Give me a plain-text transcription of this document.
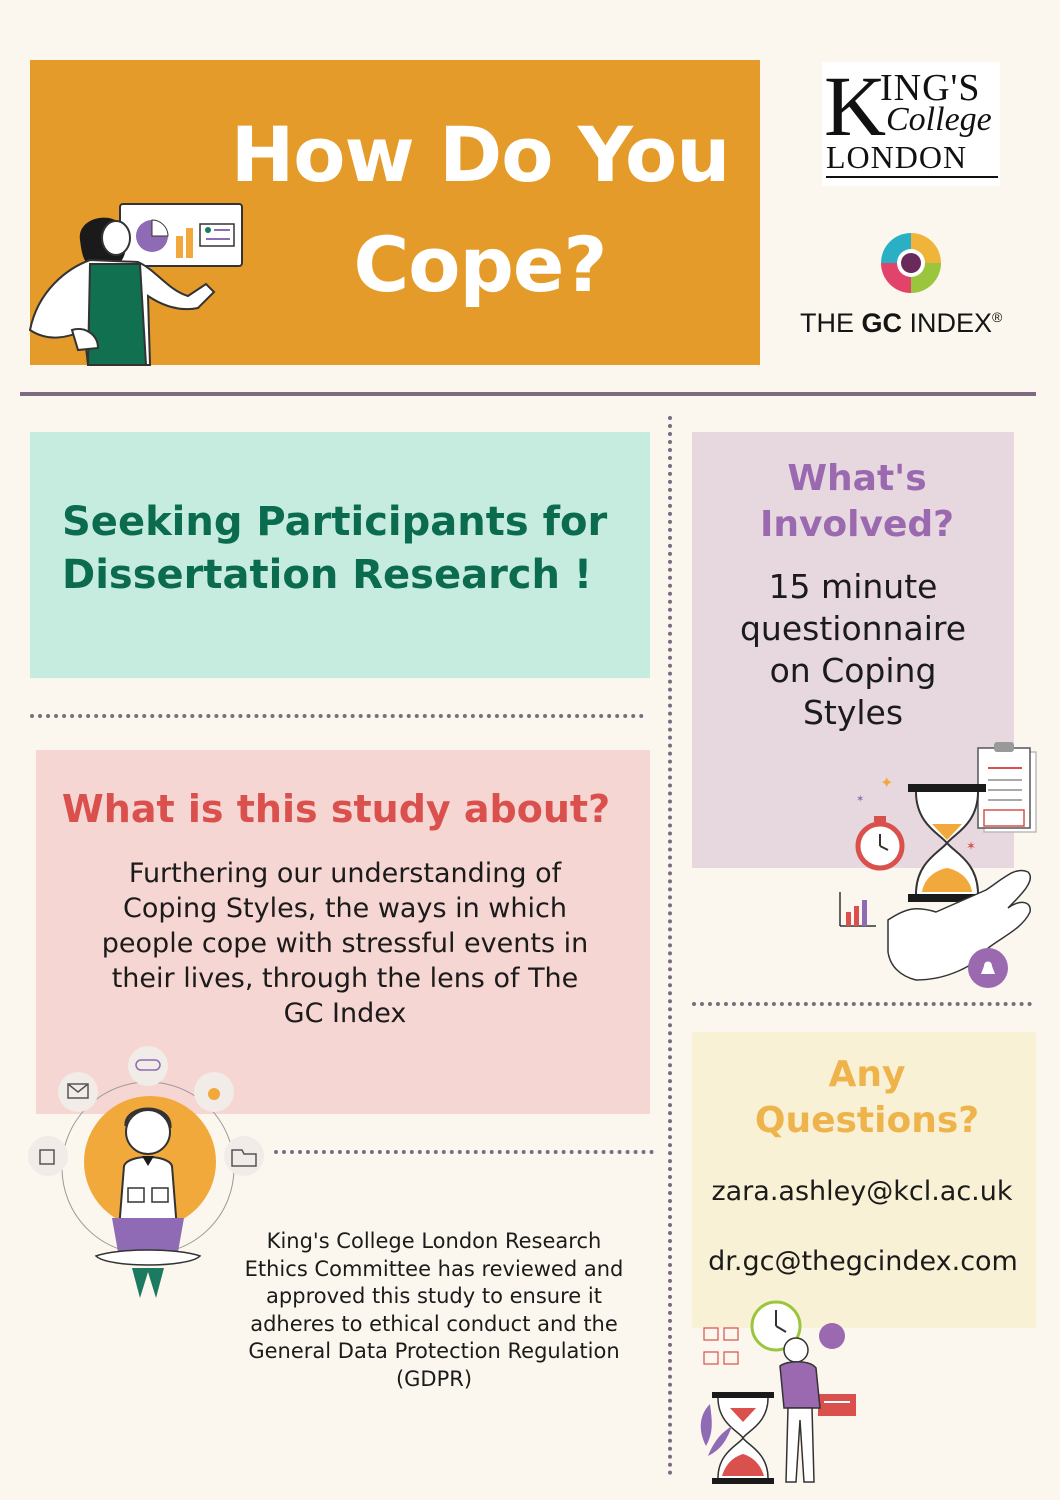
How Do You
Cope?
K
ING'S
College
LONDON
THE GC INDEX®
Seeking Participants for
Dissertation Research !
What's
Involved?
15 minute
questionnaire
on Coping
Styles
✦
✶
✶
What is this study about?
Furthering our understanding of
Coping Styles, the ways in which
people cope with stressful events in
their lives, through the lens of The
GC Index
King's College London Research
Ethics Committee has reviewed and
approved this study to ensure it
adheres to ethical conduct and the
General Data Protection Regulation
(GDPR)
Any
Questions?
zara.ashley@kcl.ac.uk
dr.gc@thegcindex.com
